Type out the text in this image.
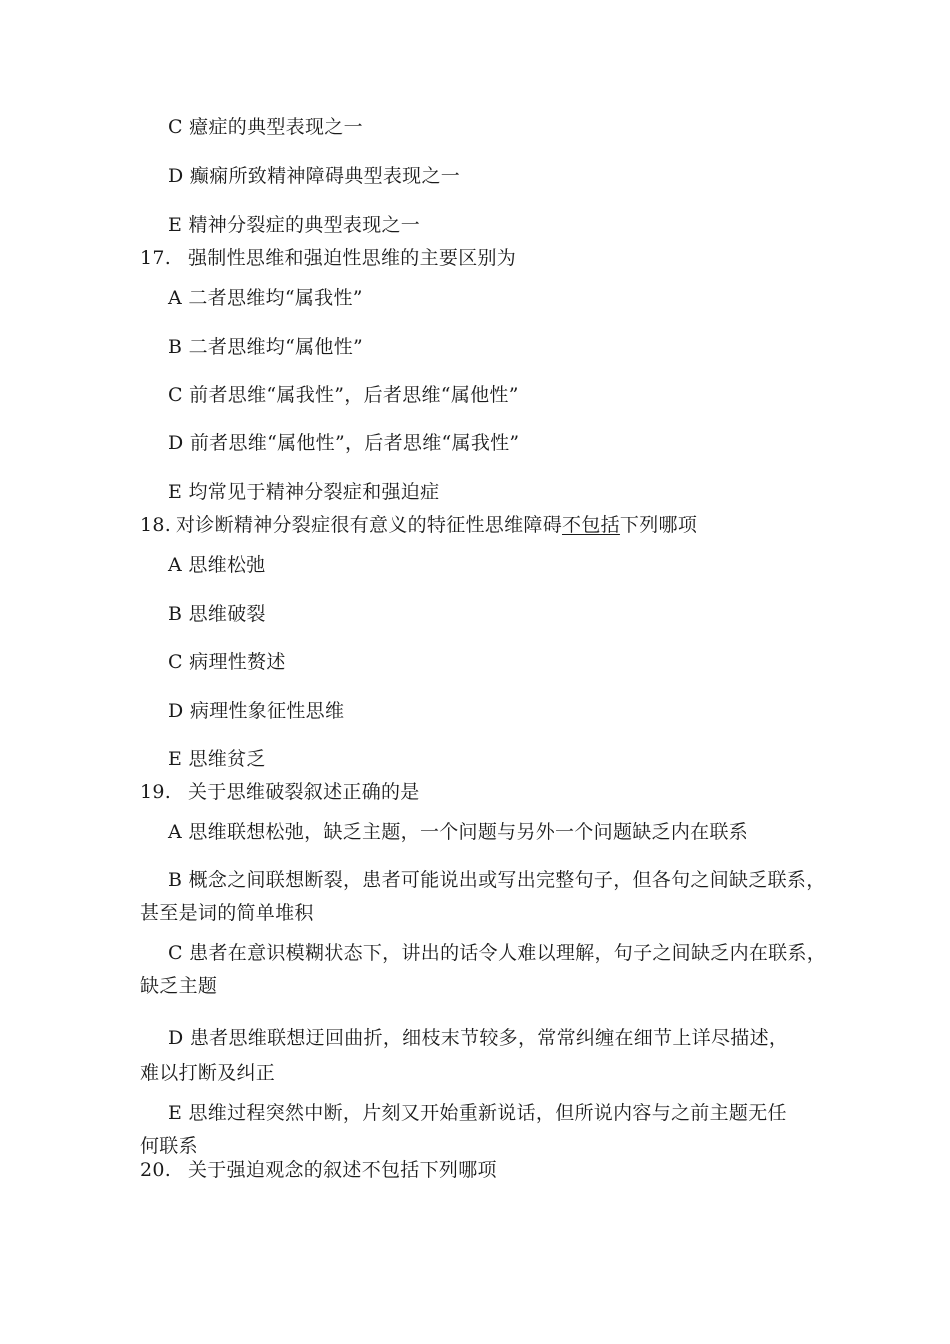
C 癔症的典型表现之一
D 癫痫所致精神障碍典型表现之一
E 精神分裂症的典型表现之一
17. 强制性思维和强迫性思维的主要区别为
A 二者思维均“属我性”
B 二者思维均“属他性”
C 前者思维“属我性”，后者思维“属他性”
D 前者思维“属他性”，后者思维“属我性”
E 均常见于精神分裂症和强迫症
18. 对诊断精神分裂症很有意义的特征性思维障碍不包括下列哪项
A 思维松弛
B 思维破裂
C 病理性赘述
D 病理性象征性思维
E 思维贫乏
19. 关于思维破裂叙述正确的是
A 思维联想松弛，缺乏主题，一个问题与另外一个问题缺乏内在联系
B 概念之间联想断裂，患者可能说出或写出完整句子，但各句之间缺乏联系，
甚至是词的简单堆积
C 患者在意识模糊状态下，讲出的话令人难以理解，句子之间缺乏内在联系，
缺乏主题
D 患者思维联想迂回曲折，细枝末节较多，常常纠缠在细节上详尽描述，
难以打断及纠正
E 思维过程突然中断，片刻又开始重新说话，但所说内容与之前主题无任
何联系
20. 关于强迫观念的叙述不包括下列哪项
